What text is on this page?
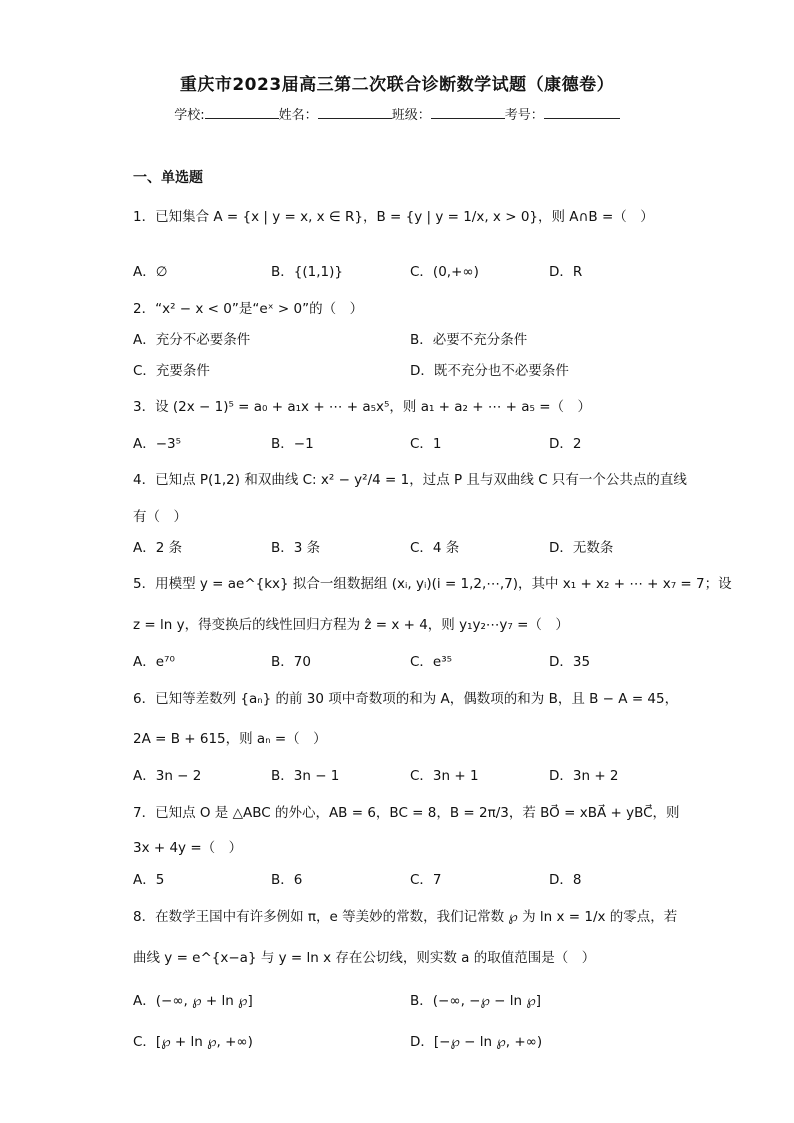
重庆市2023届高三第二次联合诊断数学试题（康德卷）
学校:	姓名：	班级：	考号：
一、单选题
1．已知集合 A = {x | y = x, x ∈ R}，B = {y | y = 1/x, x > 0}，则 A∩B =（　）
A．∅	B．{(1,1)}	C．(0,+∞)	D．R
2．“x² − x < 0”是“eˣ > 0”的（　）
A．充分不必要条件	B．必要不充分条件
C．充要条件	D．既不充分也不必要条件
3．设 (2x − 1)⁵ = a₀ + a₁x + ⋯ + a₅x⁵，则 a₁ + a₂ + ⋯ + a₅ =（　）
A．−3⁵	B．−1	C．1	D．2
4．已知点 P(1,2) 和双曲线 C: x² − y²/4 = 1，过点 P 且与双曲线 C 只有一个公共点的直线
有（　）
A．2 条	B．3 条	C．4 条	D．无数条
5．用模型 y = ae^{kx} 拟合一组数据组 (xᵢ, yᵢ)(i = 1,2,⋯,7)，其中 x₁ + x₂ + ⋯ + x₇ = 7；设
z = ln y，得变换后的线性回归方程为 ẑ = x + 4，则 y₁y₂⋯y₇ =（　）
A．e⁷⁰	B．70	C．e³⁵	D．35
6．已知等差数列 {aₙ} 的前 30 项中奇数项的和为 A，偶数项的和为 B，且 B − A = 45，
2A = B + 615，则 aₙ =（　）
A．3n − 2	B．3n − 1	C．3n + 1	D．3n + 2
7．已知点 O 是 △ABC 的外心，AB = 6，BC = 8，B = 2π/3，若 BO⃗ = xBA⃗ + yBC⃗，则
3x + 4y =（　）
A．5	B．6	C．7	D．8
8．在数学王国中有许多例如 π，e 等美妙的常数，我们记常数 ℘ 为 ln x = 1/x 的零点，若
曲线 y = e^{x−a} 与 y = ln x 存在公切线，则实数 a 的取值范围是（　）
A．(−∞, ℘ + ln ℘]	B．(−∞, −℘ − ln ℘]
C．[℘ + ln ℘, +∞)	D．[−℘ − ln ℘, +∞)
